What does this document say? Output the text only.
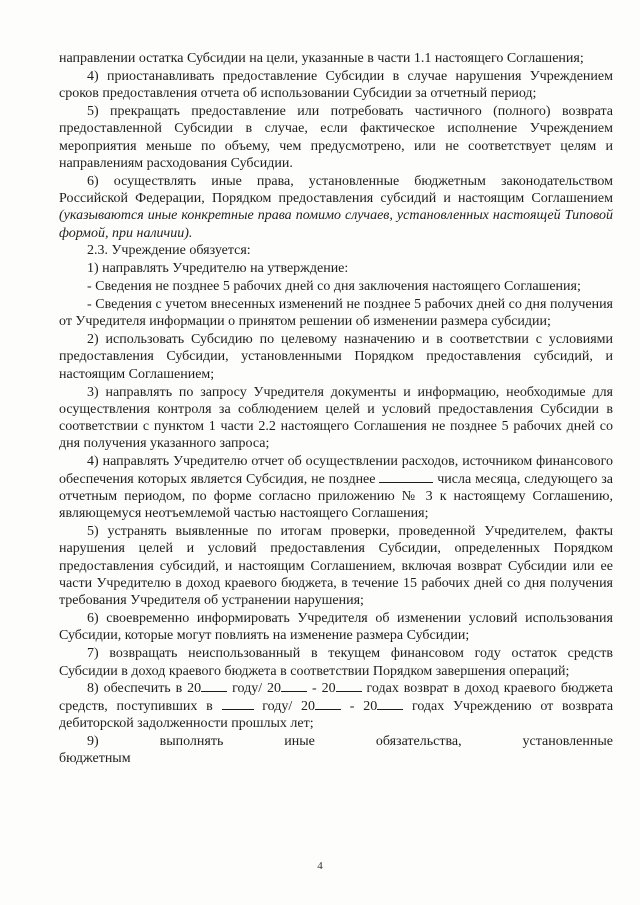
направлении остатка Субсидии на цели, указанные в части 1.1 настоящего Соглашения;

4) приостанавливать предоставление Субсидии в случае нарушения Учреждением сроков предоставления отчета об использовании Субсидии за отчетный период;

5) прекращать предоставление или потребовать частичного (полного) возврата предоставленной Субсидии в случае, если фактическое исполнение Учреждением мероприятия меньше по объему, чем предусмотрено, или не соответствует целям и направлениям расходования Субсидии.

6) осуществлять иные права, установленные бюджетным законодательством Российской Федерации, Порядком предоставления субсидий и настоящим Соглашением (указываются иные конкретные права помимо случаев, установленных настоящей Типовой формой, при наличии).

2.3. Учреждение обязуется:

1) направлять Учредителю на утверждение:

- Сведения не позднее 5 рабочих дней со дня заключения настоящего Соглашения;

- Сведения с учетом внесенных изменений не позднее 5 рабочих дней со дня получения от Учредителя информации о принятом решении об изменении размера субсидии;

2) использовать Субсидию по целевому назначению и в соответствии с условиями предоставления Субсидии, установленными Порядком предоставления субсидий, и настоящим Соглашением;

3) направлять по запросу Учредителя документы и информацию, необходимые для осуществления контроля за соблюдением целей и условий предоставления Субсидии в соответствии с пунктом 1 части 2.2 настоящего Соглашения не позднее 5 рабочих дней со дня получения указанного запроса;

4) направлять Учредителю отчет об осуществлении расходов, источником финансового обеспечения которых является Субсидия, не позднее	числа месяца, следующего за отчетным периодом, по форме согласно приложению № 3 к настоящему Соглашению, являющемуся неотъемлемой частью настоящего Соглашения;

5) устранять выявленные по итогам проверки, проведенной Учредителем, факты нарушения целей и условий предоставления Субсидии, определенных Порядком предоставления субсидий, и настоящим Соглашением, включая возврат Субсидии или ее части Учредителю в доход краевого бюджета, в течение 15 рабочих дней со дня получения требования Учредителя об устранении нарушения;

6) своевременно информировать Учредителя об изменении условий использования Субсидии, которые могут повлиять на изменение размера Субсидии;

7) возвращать неиспользованный в текущем финансовом году остаток средств Субсидии в доход краевого бюджета в соответствии Порядком завершения операций;

8) обеспечить в 20 году/ 20 - 20 годах возврат в доход краевого бюджета средств, поступивших в	году/ 20 - 20 годах Учреждению от возврата дебиторской задолженности прошлых лет;

9) выполнять иные обязательства, установленные бюджетным

4
